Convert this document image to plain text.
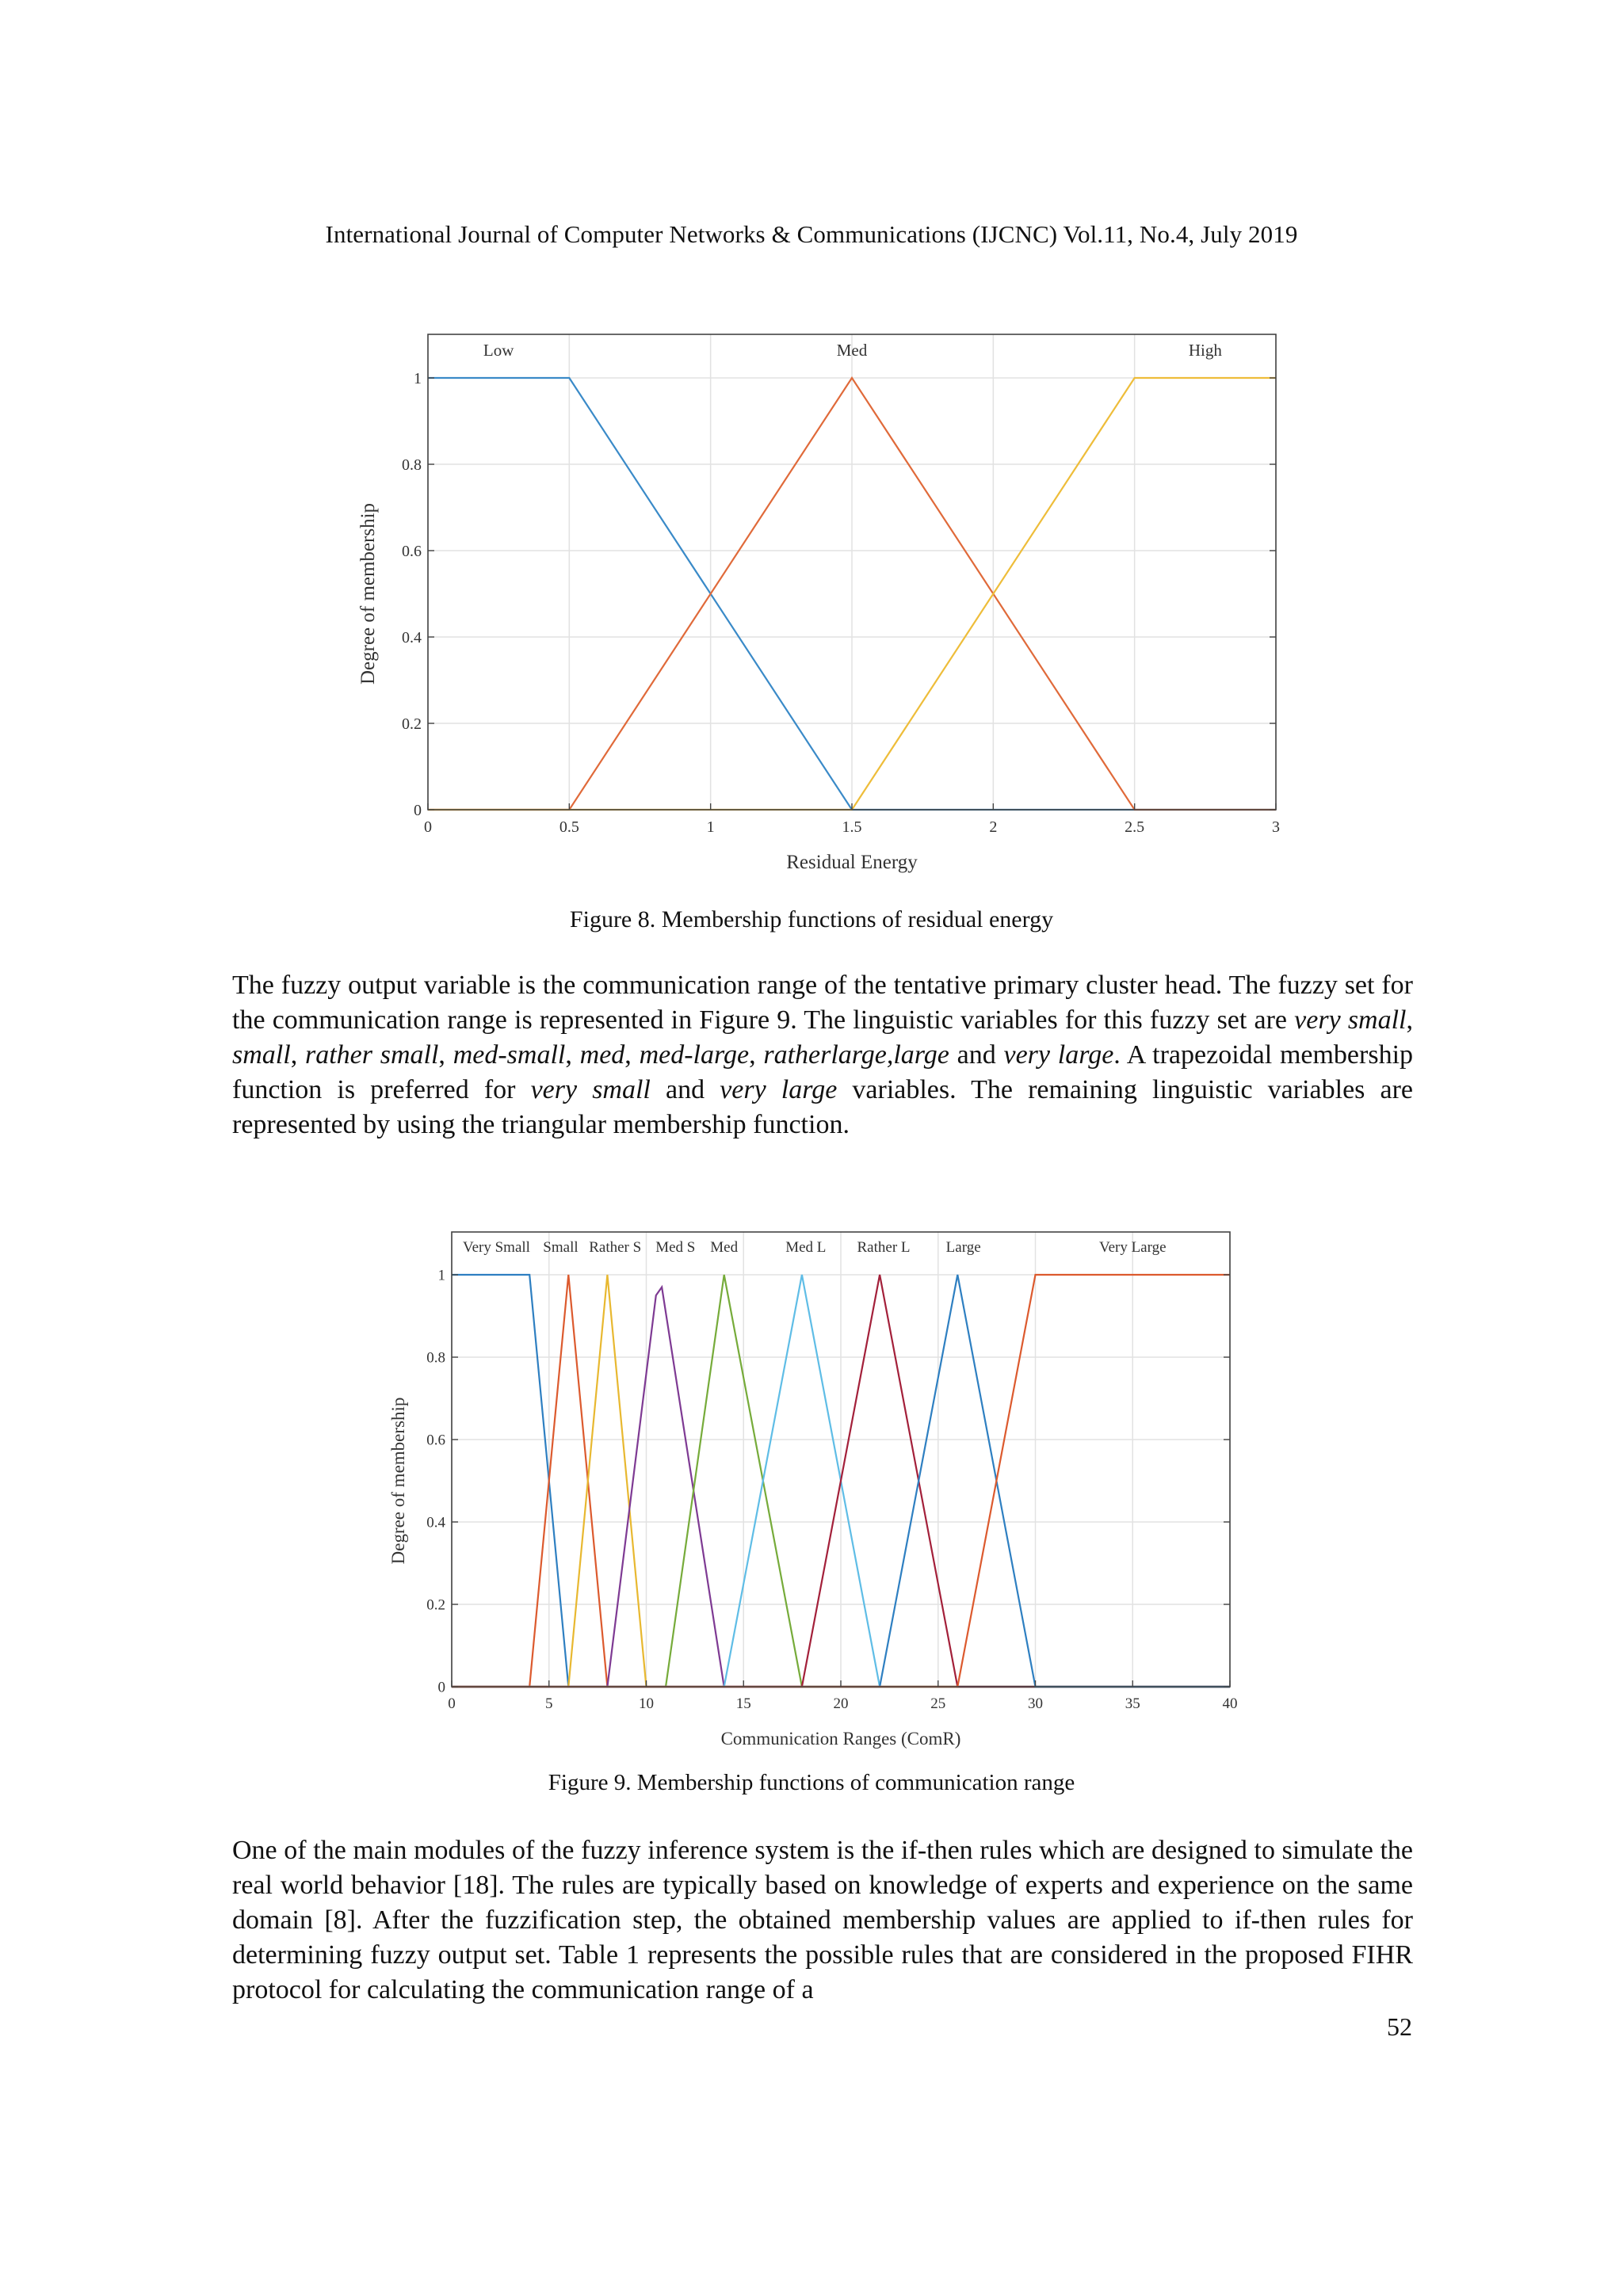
International Journal of Computer Networks & Communications (IJCNC) Vol.11, No.4, July 2019
0	0.5	1	1.5	2	2.5	3
0
0.2
0.4
0.6
0.8
1
Low	Med	High
Residual Energy
Degree of membership
Figure 8. Membership functions of residual energy
The fuzzy output variable is the communication range of the tentative primary cluster head. The fuzzy set for the communication range is represented in Figure 9. The linguistic variables for this fuzzy set are very small, small, rather small, med-small, med, med-large, ratherlarge,large and very large. A trapezoidal membership function is preferred for very small and very large variables. The remaining linguistic variables are represented by using the triangular membership function.
0	5	10	15	20	25	30	35	40
0
0.2
0.4
0.6
0.8
1
Very Small Small Rather S Med S Med	Med L Rather L Large	Very Large
Communication Ranges (ComR)
Degree of membership
Figure 9. Membership functions of communication range
One of the main modules of the fuzzy inference system is the if-then rules which are designed to simulate the real world behavior [18]. The rules are typically based on knowledge of experts and experience on the same domain [8]. After the fuzzification step, the obtained membership values are applied to if-then rules for determining fuzzy output set. Table 1 represents the possible rules that are considered in the proposed FIHR protocol for calculating the communication range of a
52
